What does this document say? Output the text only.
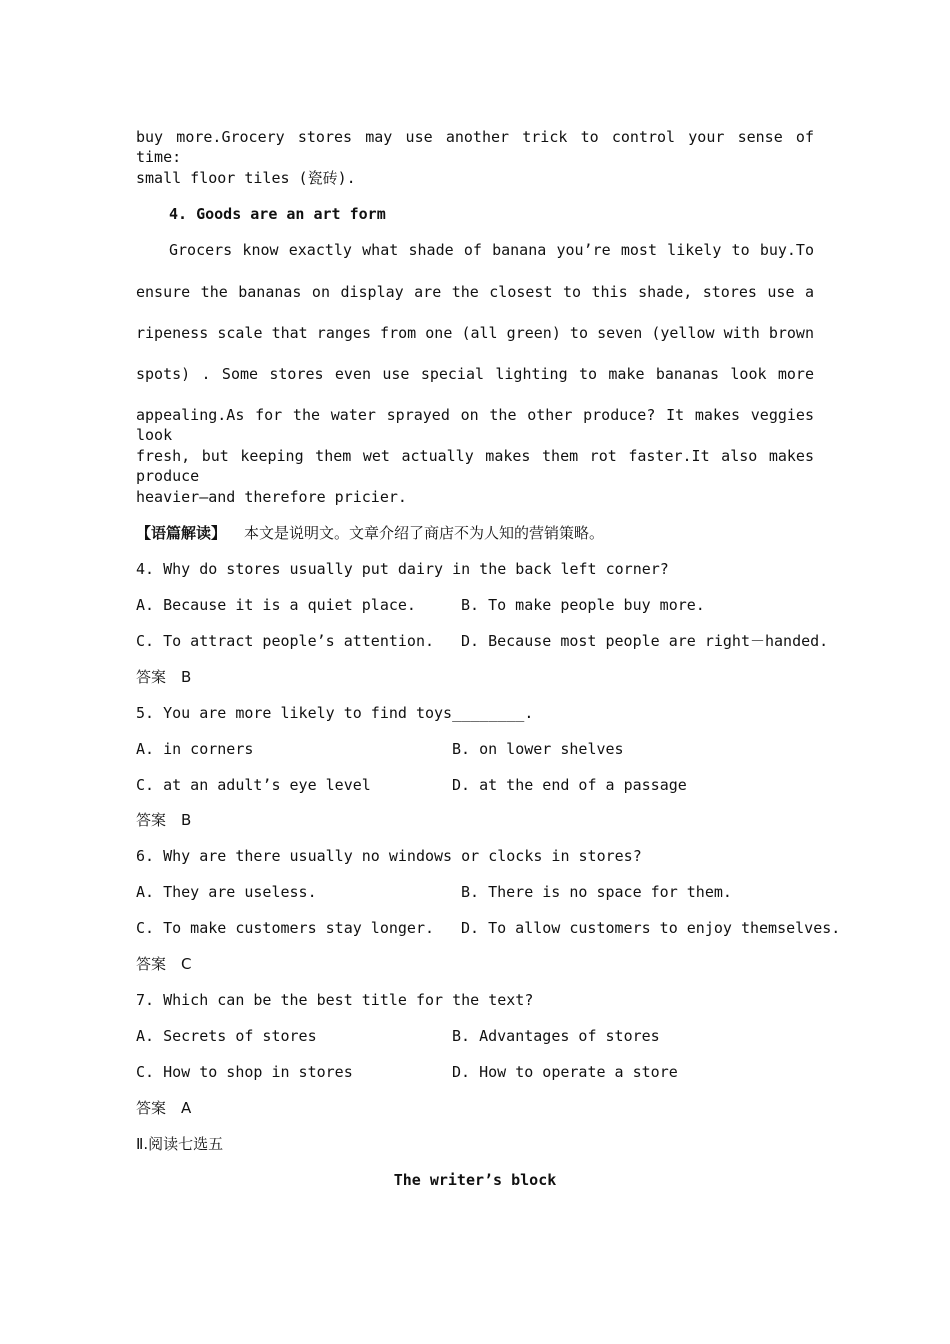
buy more.Grocery stores may use another trick to control your sense of time:
small floor tiles (瓷砖).
4. Goods are an art form
Grocers know exactly what shade of banana you’re most likely to buy.To
ensure the bananas on display are the closest to this shade, stores use a
ripeness scale that ranges from one (all green) to seven (yellow with brown
spots) . Some stores even use special lighting to make bananas look more
appealing.As for the water sprayed on the other produce? It makes veggies look
fresh, but keeping them wet actually makes them rot faster.It also makes produce
heavier—and therefore pricier.
【语篇解读】 本文是说明文。文章介绍了商店不为人知的营销策略。
4. Why do stores usually put dairy in the back left corner?
A. Because it is a quiet place.	B. To make people buy more.
C. To attract people’s attention. D. Because most people are right－handed.
答案　B
5. You are more likely to find toys________.
A. in corners	B. on lower shelves
C. at an adult’s eye level	D. at the end of a passage
答案　B
6. Why are there usually no windows or clocks in stores?
A. They are useless.	B. There is no space for them.
C. To make customers stay longer. D. To allow customers to enjoy themselves.
答案　C
7. Which can be the best title for the text?
A. Secrets of stores	B. Advantages of stores
C. How to shop in stores	D. How to operate a store
答案　A
Ⅱ.阅读七选五
The writer’s block
